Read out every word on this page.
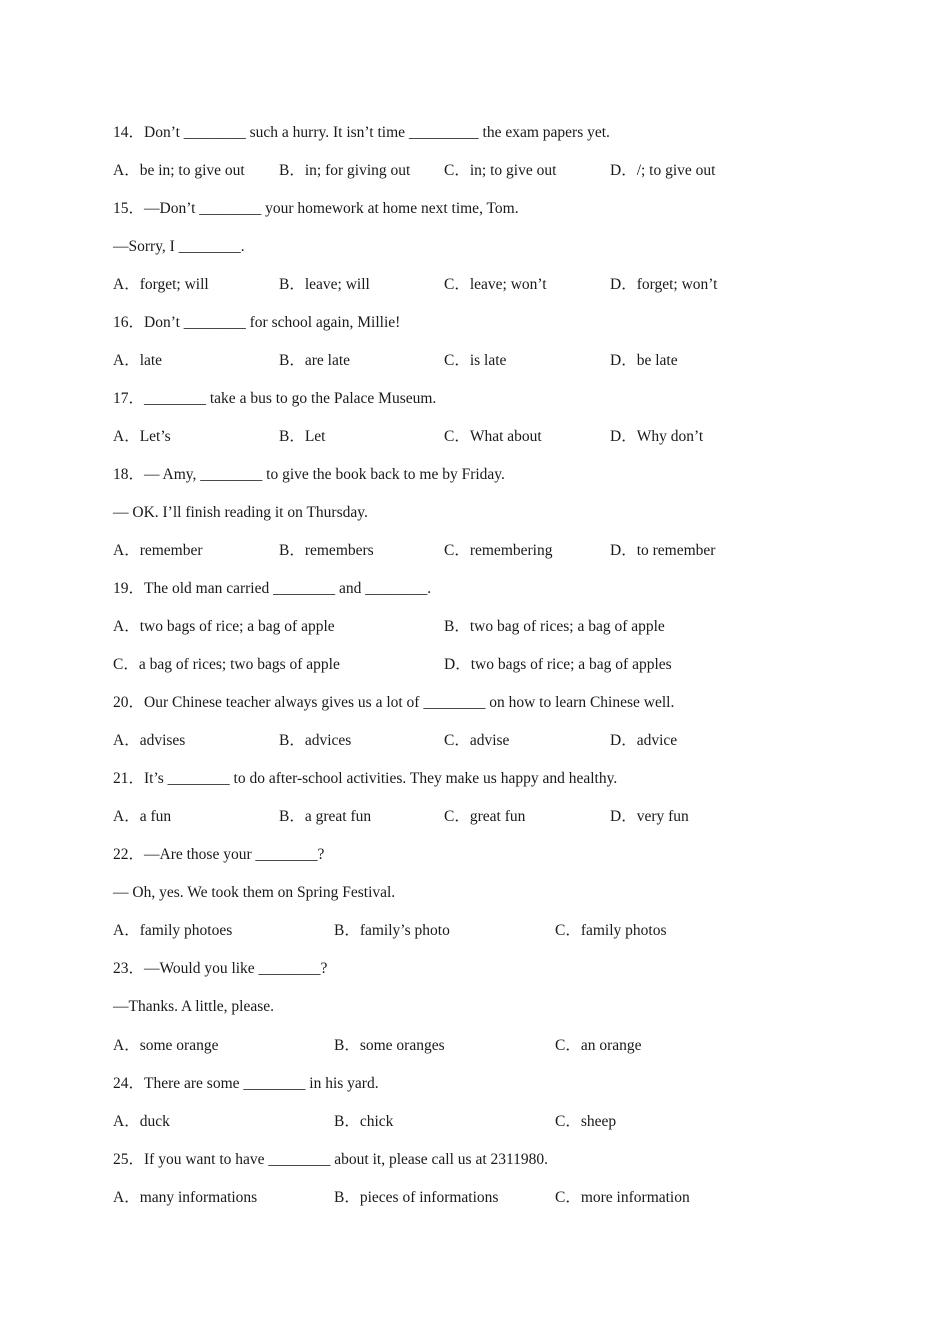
14．Don’t ________ such a hurry. It isn’t time _________ the exam papers yet.
A．be in; to give out B．in; for giving out C．in; to give out	D．/; to give out
15．—Don’t ________ your homework at home next time, Tom.
—Sorry, I ________.
A．forget; will	B．leave; will	C．leave; won’t	D．forget; won’t
16．Don’t ________ for school again, Millie!
A．late	B．are late	C．is late	D．be late
17．________ take a bus to go the Palace Museum.
A．Let’s	B．Let	C．What about	D．Why don’t
18．— Amy, ________ to give the book back to me by Friday.
— OK. I’ll finish reading it on Thursday.
A．remember	B．remembers	C．remembering	D．to remember
19．The old man carried ________ and ________.
A．two bags of rice; a bag of apple	B．two bag of rices; a bag of apple
C．a bag of rices; two bags of apple	D．two bags of rice; a bag of apples
20．Our Chinese teacher always gives us a lot of ________ on how to learn Chinese well.
A．advises	B．advices	C．advise	D．advice
21．It’s ________ to do after-school activities. They make us happy and healthy.
A．a fun	B．a great fun	C．great fun	D．very fun
22．—Are those your ________?
— Oh, yes. We took them on Spring Festival.
A．family photoes	B．family’s photo	C．family photos
23．—Would you like ________?
—Thanks. A little, please.
A．some orange	B．some oranges	C．an orange
24．There are some ________ in his yard.
A．duck	B．chick	C．sheep
25．If you want to have ________ about it, please call us at 2311980.
A．many informations	B．pieces of informations	C．more information
